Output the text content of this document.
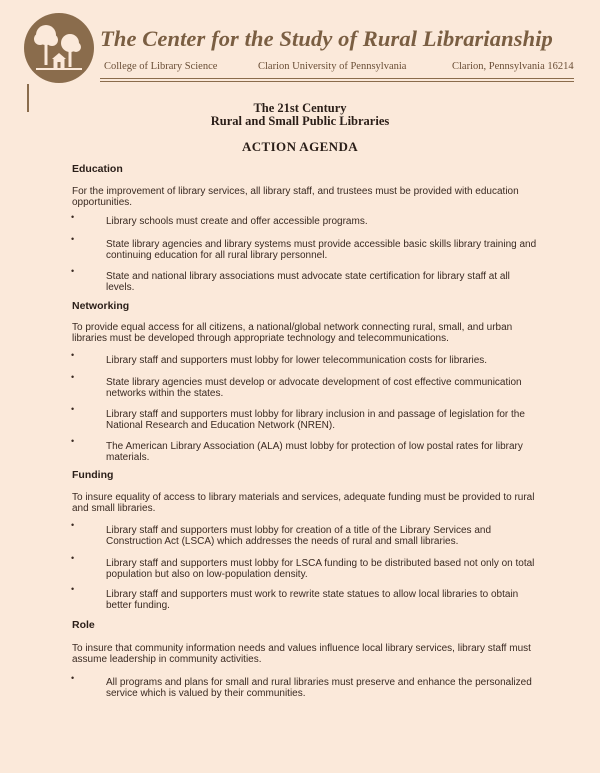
The Center for the Study of Rural Librarianship
College of Library Science	Clarion University of Pennsylvania	Clarion, Pennsylvania 16214
The 21st Century
Rural and Small Public Libraries
ACTION AGENDA
Education
For the improvement of library services, all library staff, and trustees must be provided with education opportunities.
•	Library schools must create and offer accessible programs.
•	State library agencies and library systems must provide accessible basic skills library training and continuing education for all rural library personnel.
•	State and national library associations must advocate state certification for library staff at all levels.
Networking
To provide equal access for all citizens, a national/global network connecting rural, small, and urban libraries must be developed through appropriate technology and telecommunications.
•	Library staff and supporters must lobby for lower telecommunication costs for libraries.
•	State library agencies must develop or advocate development of cost effective communication networks within the states.
•	Library staff and supporters must lobby for library inclusion in and passage of legislation for the National Research and Education Network (NREN).
•	The American Library Association (ALA) must lobby for protection of low postal rates for library materials.
Funding
To insure equality of access to library materials and services, adequate funding must be provided to rural and small libraries.
•	Library staff and supporters must lobby for creation of a title of the Library Services and Construction Act (LSCA) which addresses the needs of rural and small libraries.
•	Library staff and supporters must lobby for LSCA funding to be distributed based not only on total population but also on low-population density.
•	Library staff and supporters must work to rewrite state statues to allow local libraries to obtain better funding.
Role
To insure that community information needs and values influence local library services, library staff must assume leadership in community activities.
•	All programs and plans for small and rural libraries must preserve and enhance the personalized service which is valued by their communities.
